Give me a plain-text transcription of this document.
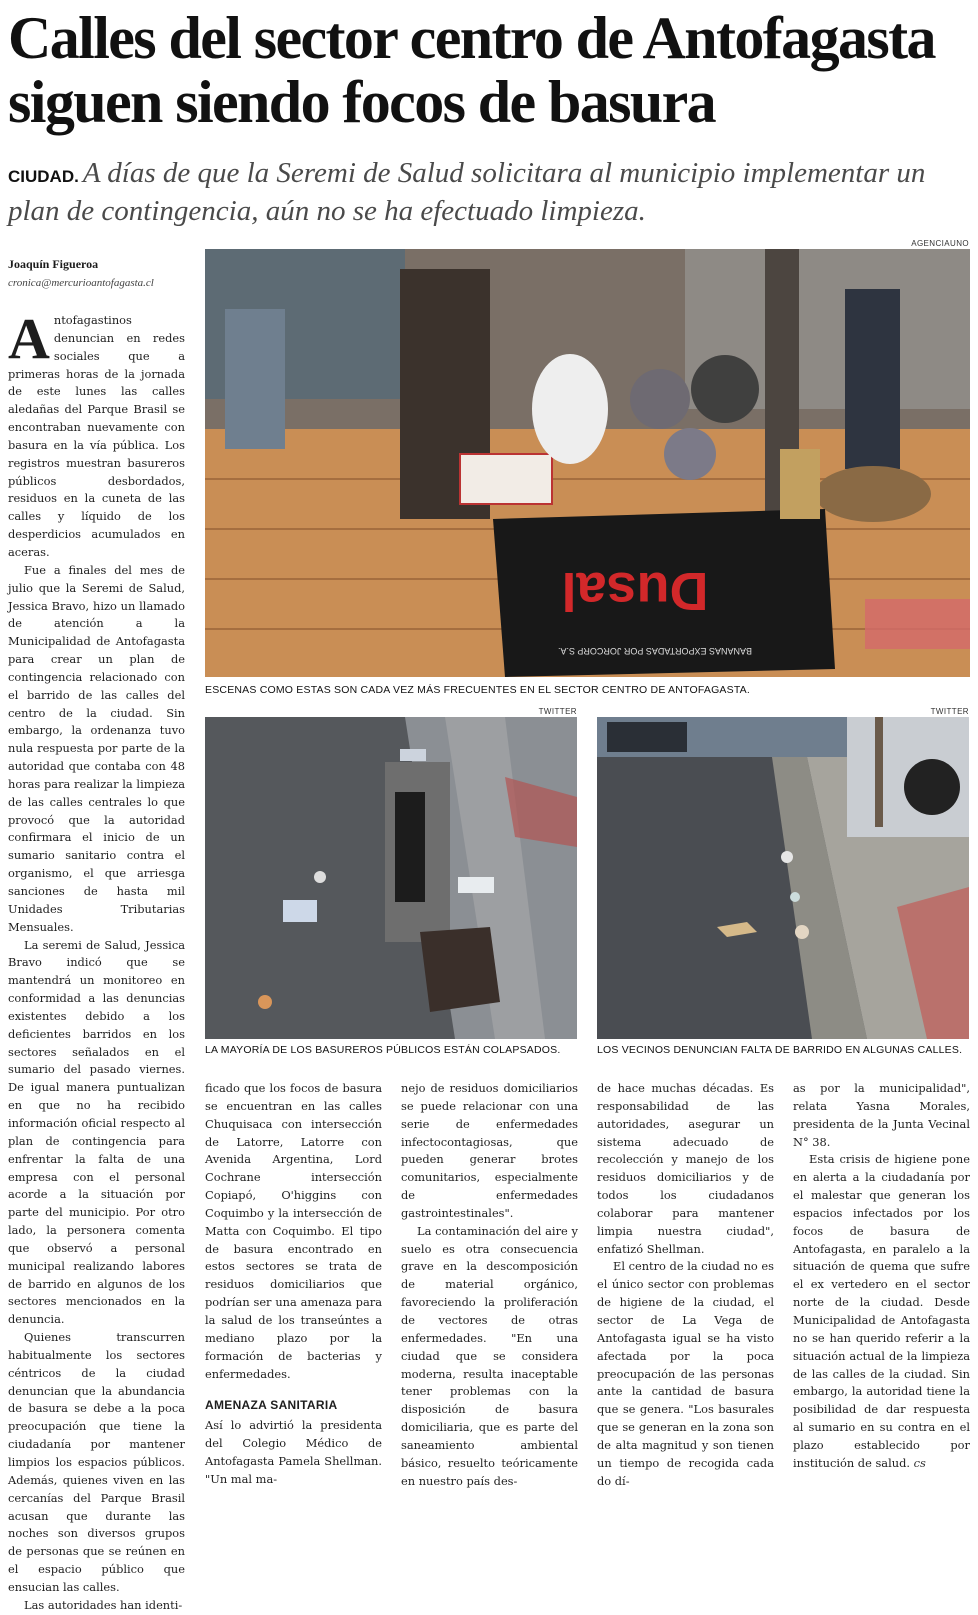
Calles del sector centro de Antofagasta siguen siendo focos de basura

CIUDAD. A días de que la Seremi de Salud solicitara al municipio implementar un plan de contingencia, aún no se ha efectuado limpieza.

Joaquín Figueroa
cronica@mercurioantofagasta.cl
AGENCIAUNO
Dusal
BANANAS EXPORTADAS POR JORCORP S.A.
ESCENAS COMO ESTAS SON CADA VEZ MÁS FRECUENTES EN EL SECTOR CENTRO DE ANTOFAGASTA.
TWITTER
LA MAYORÍA DE LOS BASUREROS PÚBLICOS ESTÁN COLAPSADOS.
TWITTER
LOS VECINOS DENUNCIAN FALTA DE BARRIDO EN ALGUNAS CALLES.

Antofagastinos denuncian en redes sociales que a primeras horas de la jornada de este lunes las calles aledañas del Parque Brasil se encontraban nuevamente con basura en la vía pública. Los registros muestran basureros públicos desbordados, residuos en la cuneta de las calles y líquido de los desperdicios acumulados en aceras.

Fue a finales del mes de julio que la Seremi de Salud, Jessica Bravo, hizo un llamado de atención a la Municipalidad de Antofagasta para crear un plan de contingencia relacionado con el barrido de las calles del centro de la ciudad. Sin embargo, la ordenanza tuvo nula respuesta por parte de la autoridad que contaba con 48 horas para realizar la limpieza de las calles centrales lo que provocó que la autoridad confirmara el inicio de un sumario sanitario contra el organismo, el que arriesga sanciones de hasta mil Unidades Tributarias Mensuales.

La seremi de Salud, Jessica Bravo indicó que se mantendrá un monitoreo en conformidad a las denuncias existentes debido a los deficientes barridos en los sectores señalados en el sumario del pasado viernes. De igual manera puntualizan en que no ha recibido información oficial respecto al plan de contingencia para enfrentar la falta de una empresa con el personal acorde a la situación por parte del municipio. Por otro lado, la personera comenta que observó a personal municipal realizando labores de barrido en algunos de los sectores mencionados en la denuncia.

Quienes transcurren habitualmente los sectores céntricos de la ciudad denuncian que la abundancia de basura se debe a la poca preocupación que tiene la ciudadanía por mantener limpios los espacios públicos. Además, quienes viven en las cercanías del Parque Brasil acusan que durante las noches son diversos grupos de personas que se reúnen en el espacio público que ensucian las calles.

Las autoridades han identi-

ficado que los focos de basura se encuentran en las calles Chuquisaca con intersección de Latorre, Latorre con Avenida Argentina, Lord Cochrane intersección Copiapó, O'higgins con Coquimbo y la intersección de Matta con Coquimbo. El tipo de basura encontrado en estos sectores se trata de residuos domiciliarios que podrían ser una amenaza para la salud de los transeúntes a mediano plazo por la formación de bacterias y enfermedades.

AMENAZA SANITARIA

Así lo advirtió la presidenta del Colegio Médico de Antofagasta Pamela Shellman. "Un mal ma-

nejo de residuos domiciliarios se puede relacionar con una serie de enfermedades infectocontagiosas, que pueden generar brotes comunitarios, especialmente de enfermedades gastrointestinales".

La contaminación del aire y suelo es otra consecuencia grave en la descomposición de material orgánico, favoreciendo la proliferación de vectores de otras enfermedades. "En una ciudad que se considera moderna, resulta inaceptable tener problemas con la disposición de basura domiciliaria, que es parte del saneamiento ambiental básico, resuelto teóricamente en nuestro país des-

de hace muchas décadas. Es responsabilidad de las autoridades, asegurar un sistema adecuado de recolección y manejo de los residuos domiciliarios y de todos los ciudadanos colaborar para mantener limpia nuestra ciudad", enfatizó Shellman.

El centro de la ciudad no es el único sector con problemas de higiene de la ciudad, el sector de La Vega de Antofagasta igual se ha visto afectada por la poca preocupación de las personas ante la cantidad de basura que se genera. "Los basurales que se generan en la zona son de alta magnitud y son tienen un tiempo de recogida cada do dí-

as por la municipalidad", relata Yasna Morales, presidenta de la Junta Vecinal N° 38.

Esta crisis de higiene pone en alerta a la ciudadanía por el malestar que generan los espacios infectados por los focos de basura de Antofagasta, en paralelo a la situación de quema que sufre el ex vertedero en el sector norte de la ciudad. Desde Municipalidad de Antofagasta no se han querido referir a la situación actual de la limpieza de las calles de la ciudad. Sin embargo, la autoridad tiene la posibilidad de dar respuesta al sumario en su contra en el plazo establecido por institución de salud. cs
